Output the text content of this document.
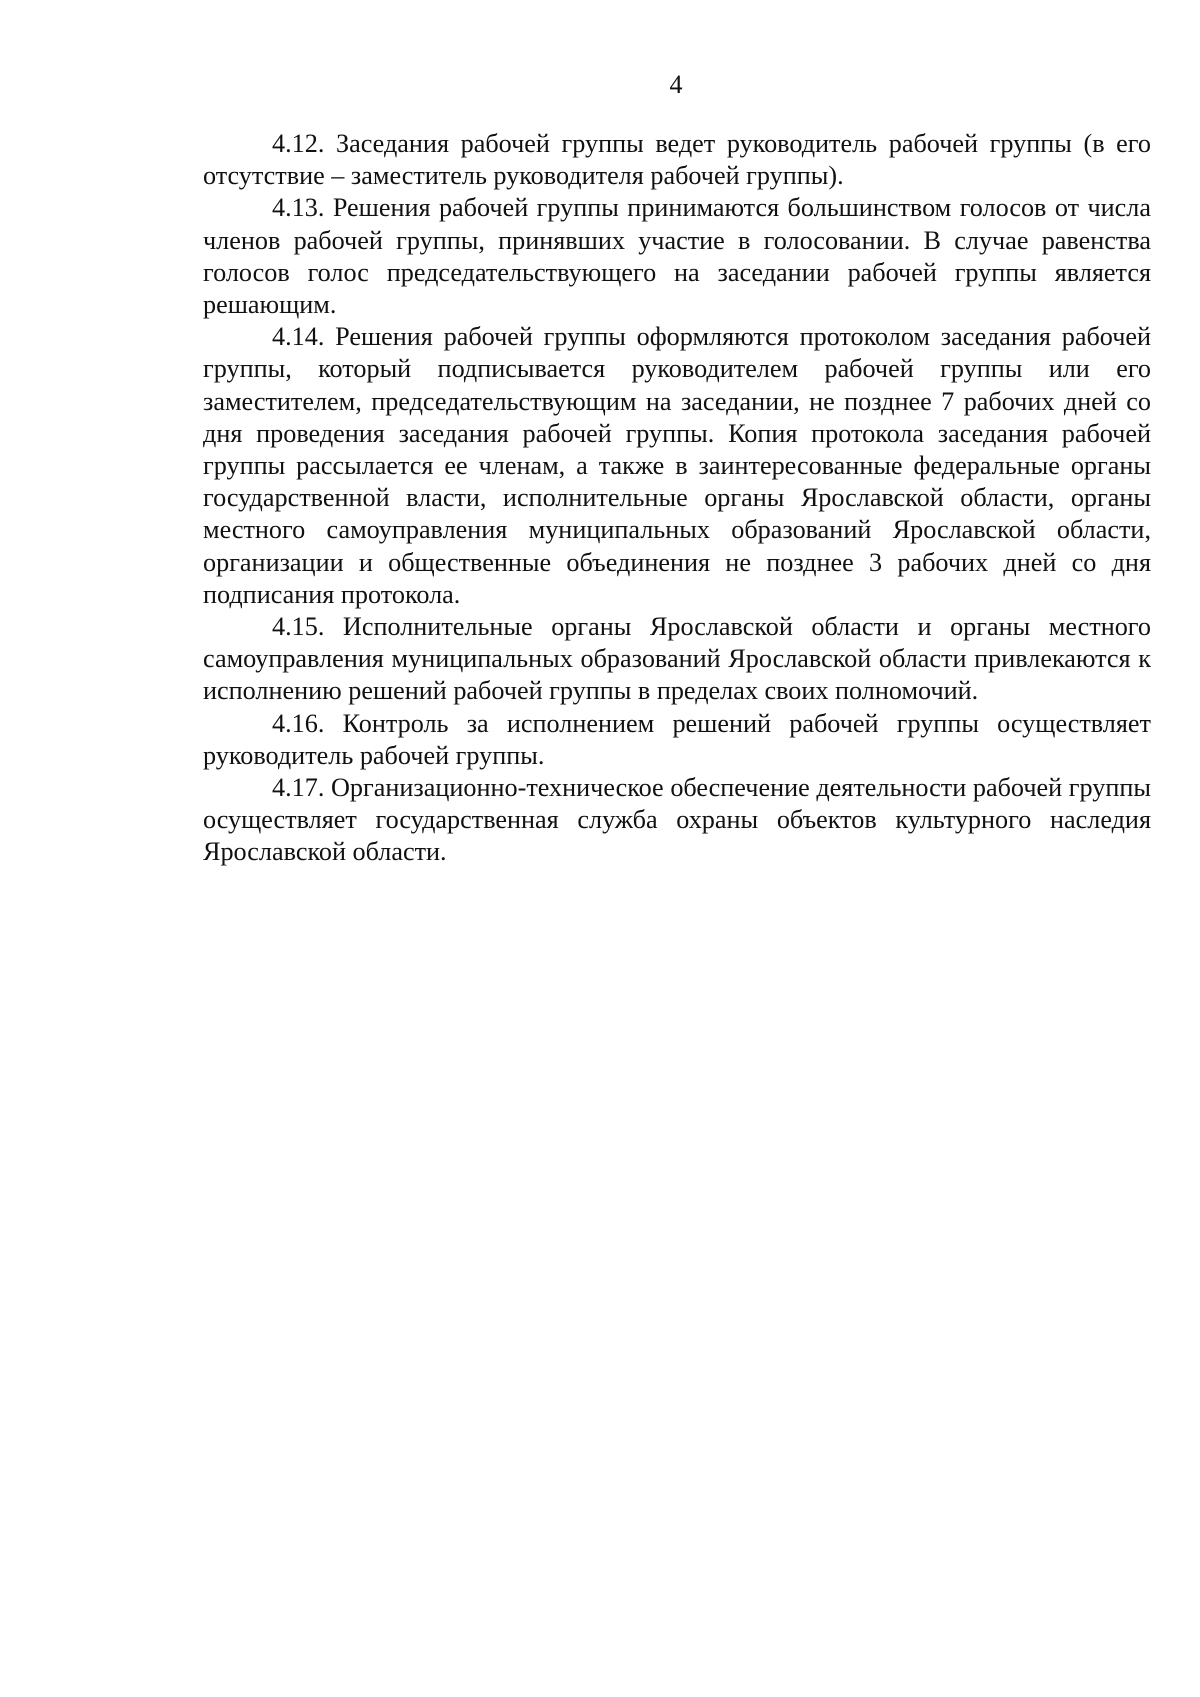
4

4.12. Заседания рабочей группы ведет руководитель рабочей группы (в его отсутствие – заместитель руководителя рабочей группы).

4.13. Решения рабочей группы принимаются большинством голосов от числа членов рабочей группы, принявших участие в голосовании. В случае равенства голосов голос председательствующего на заседании рабочей группы является решающим.

4.14. Решения рабочей группы оформляются протоколом заседания рабочей группы, который подписывается руководителем рабочей группы или его заместителем, председательствующим на заседании, не позднее 7 рабочих дней со дня проведения заседания рабочей группы. Копия протокола заседания рабочей группы рассылается ее членам, а также в заинтересованные федеральные органы государственной власти, исполнительные органы Ярославской области, органы местного самоуправления муниципальных образований Ярославской области, организации и общественные объединения не позднее 3 рабочих дней со дня подписания протокола.

4.15. Исполнительные органы Ярославской области и органы местного самоуправления муниципальных образований Ярославской области привлекаются к исполнению решений рабочей группы в пределах своих полномочий.

4.16. Контроль за исполнением решений рабочей группы осуществляет руководитель рабочей группы.

4.17. Организационно-техническое обеспечение деятельности рабочей группы осуществляет государственная служба охраны объектов культурного наследия Ярославской области.
